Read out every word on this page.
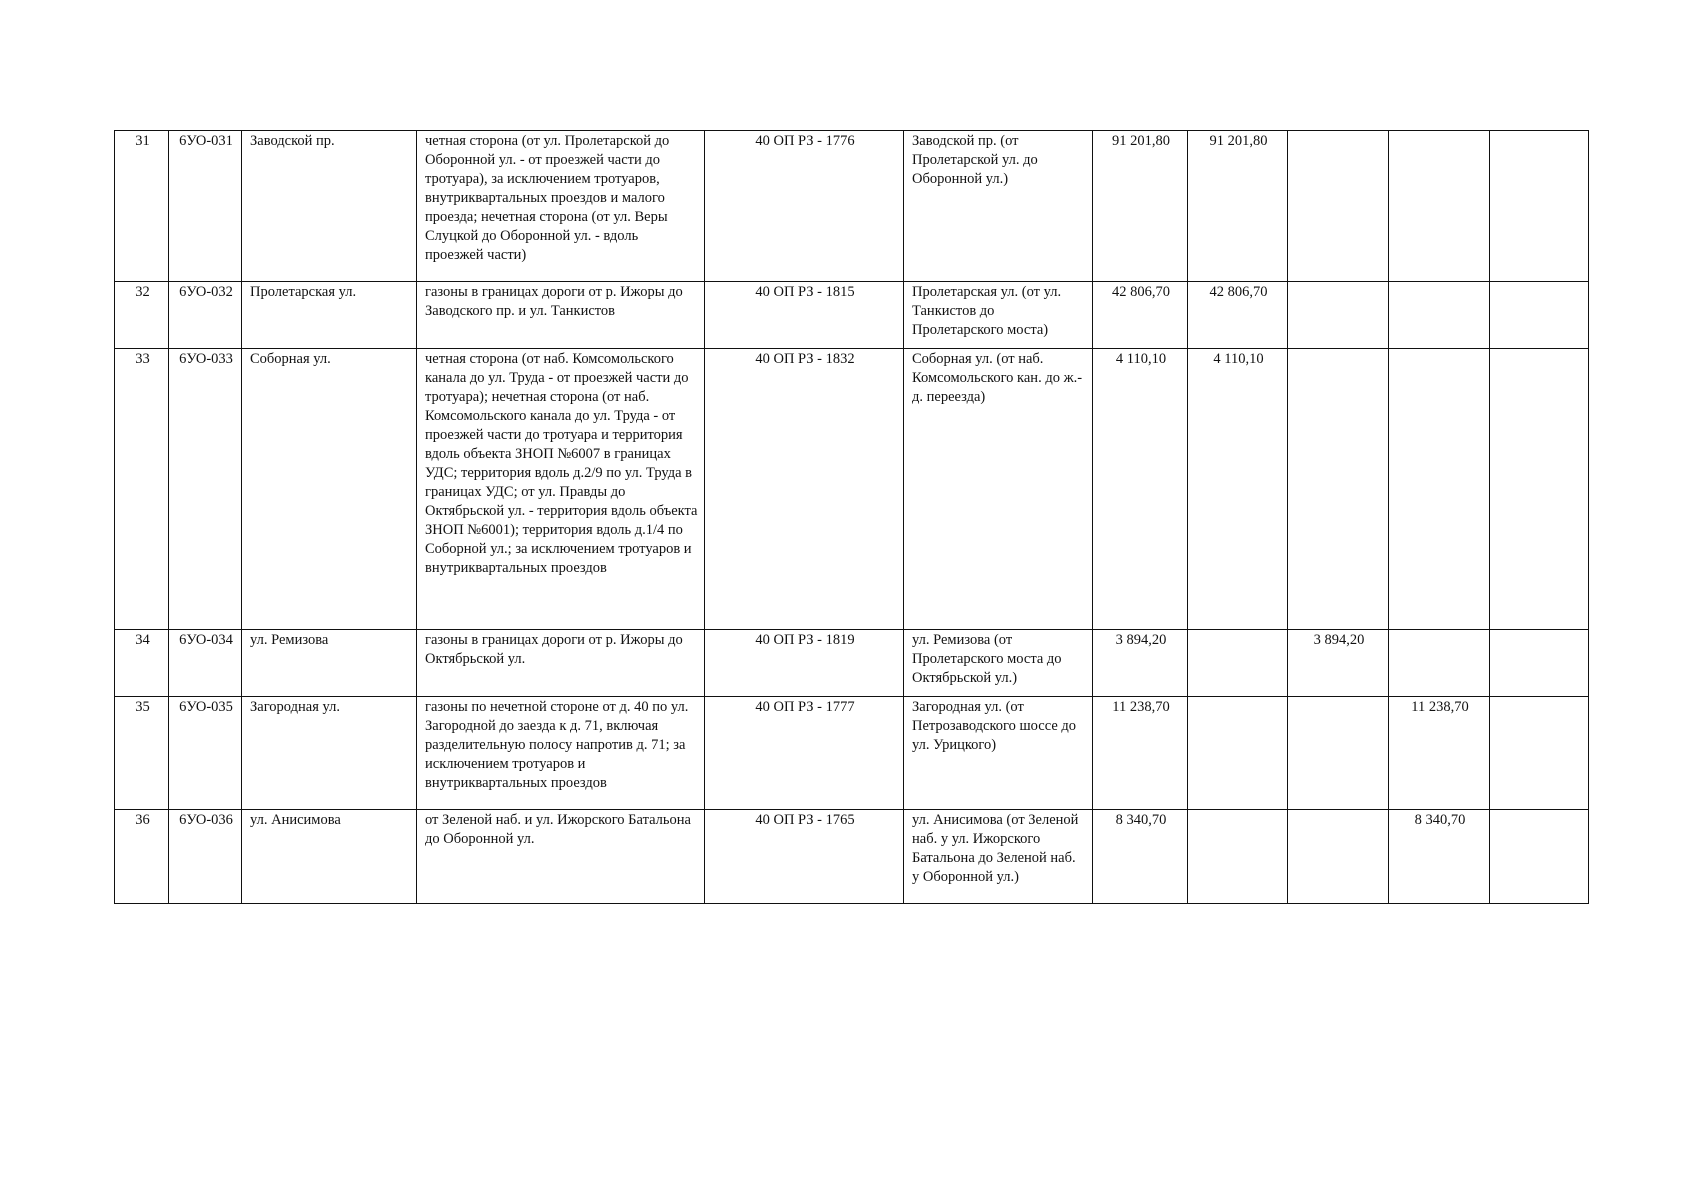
31	6УО-031	Заводской пр.	четная сторона (от ул. Пролетарской до Оборонной ул. - от проезжей части до тротуара), за исключением тротуаров, внутриквартальных проездов и малого проезда; нечетная сторона (от ул. Веры Слуцкой до Оборонной ул. - вдоль проезжей части)	40 ОП РЗ - 1776	Заводской пр. (от Пролетарской ул. до Оборонной ул.)	91 201,80	91 201,80			
32	6УО-032	Пролетарская ул.	газоны в границах дороги от р. Ижоры до Заводского пр. и ул. Танкистов	40 ОП РЗ - 1815	Пролетарская ул. (от ул. Танкистов до Пролетарского моста)	42 806,70	42 806,70			
33	6УО-033	Соборная ул.	четная сторона (от наб. Комсомольского канала до ул. Труда - от проезжей части до тротуара); нечетная сторона (от наб. Комсомольского канала до ул. Труда - от проезжей части до тротуара и территория вдоль объекта ЗНОП №6007 в границах УДС; территория вдоль д.2/9 по ул. Труда в границах УДС; от ул. Правды до Октябрьской ул. - территория вдоль объекта ЗНОП №6001); территория вдоль д.1/4 по Соборной ул.; за исключением тротуаров и внутриквартальных проездов	40 ОП РЗ - 1832	Соборная ул. (от наб. Комсомольского кан. до ж.-д. переезда)	4 110,10	4 110,10			
34	6УО-034	ул. Ремизова	газоны в границах дороги от р. Ижоры до Октябрьской ул.	40 ОП РЗ - 1819	ул. Ремизова (от Пролетарского моста до Октябрьской ул.)	3 894,20		3 894,20		
35	6УО-035	Загородная ул.	газоны по нечетной стороне от д. 40 по ул. Загородной до заезда к д. 71, включая разделительную полосу напротив д. 71; за исключением тротуаров и внутриквартальных проездов	40 ОП РЗ - 1777	Загородная ул. (от Петрозаводского шоссе до ул. Урицкого)	11 238,70			11 238,70	
36	6УО-036	ул. Анисимова	от Зеленой наб. и ул. Ижорского Батальона до Оборонной ул.	40 ОП РЗ - 1765	ул. Анисимова (от Зеленой наб. у ул. Ижорского Батальона до Зеленой наб. у Оборонной ул.)	8 340,70			8 340,70	
